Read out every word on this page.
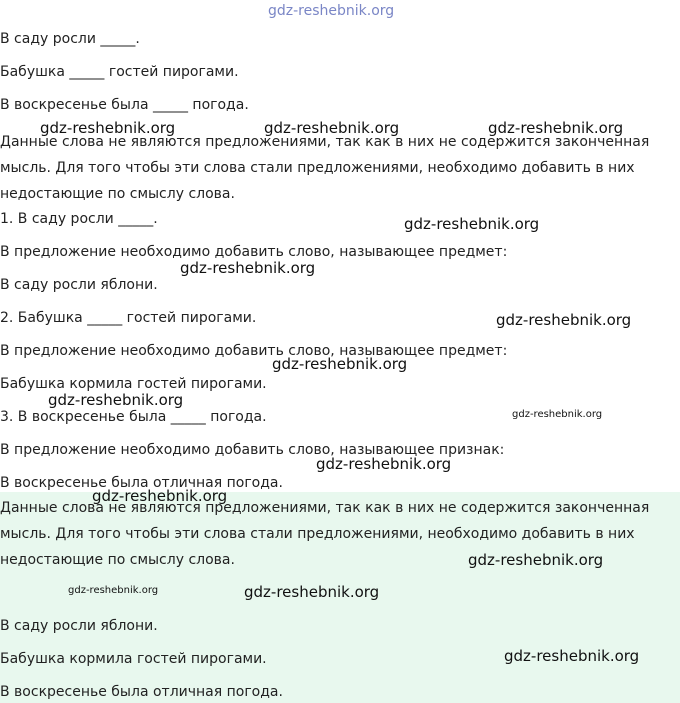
gdz-reshebnik.org
В саду росли _____.
Бабушка _____ гостей пирогами.
В воскресенье была _____ погода.
Данные слова не являются предложениями, так как в них не содержится законченная
мысль. Для того чтобы эти слова стали предложениями, необходимо добавить в них
недостающие по смыслу слова.
1. В саду росли _____.
В предложение необходимо добавить слово, называющее предмет:
В саду росли яблони.
2. Бабушка _____ гостей пирогами.
В предложение необходимо добавить слово, называющее предмет:
Бабушка кормила гостей пирогами.
3. В воскресенье была _____ погода.
В предложение необходимо добавить слово, называющее признак:
В воскресенье была отличная погода.
Данные слова не являются предложениями, так как в них не содержится законченная
мысль. Для того чтобы эти слова стали предложениями, необходимо добавить в них
недостающие по смыслу слова.
В саду росли яблони.
Бабушка кормила гостей пирогами.
В воскресенье была отличная погода.
gdz-reshebnik.org	gdz-reshebnik.org	gdz-reshebnik.org
gdz-reshebnik.org
gdz-reshebnik.org
gdz-reshebnik.org
gdz-reshebnik.org
gdz-reshebnik.org
gdz-reshebnik.org
gdz-reshebnik.org
gdz-reshebnik.org
gdz-reshebnik.org
gdz-reshebnik.org	gdz-reshebnik.org
gdz-reshebnik.org
